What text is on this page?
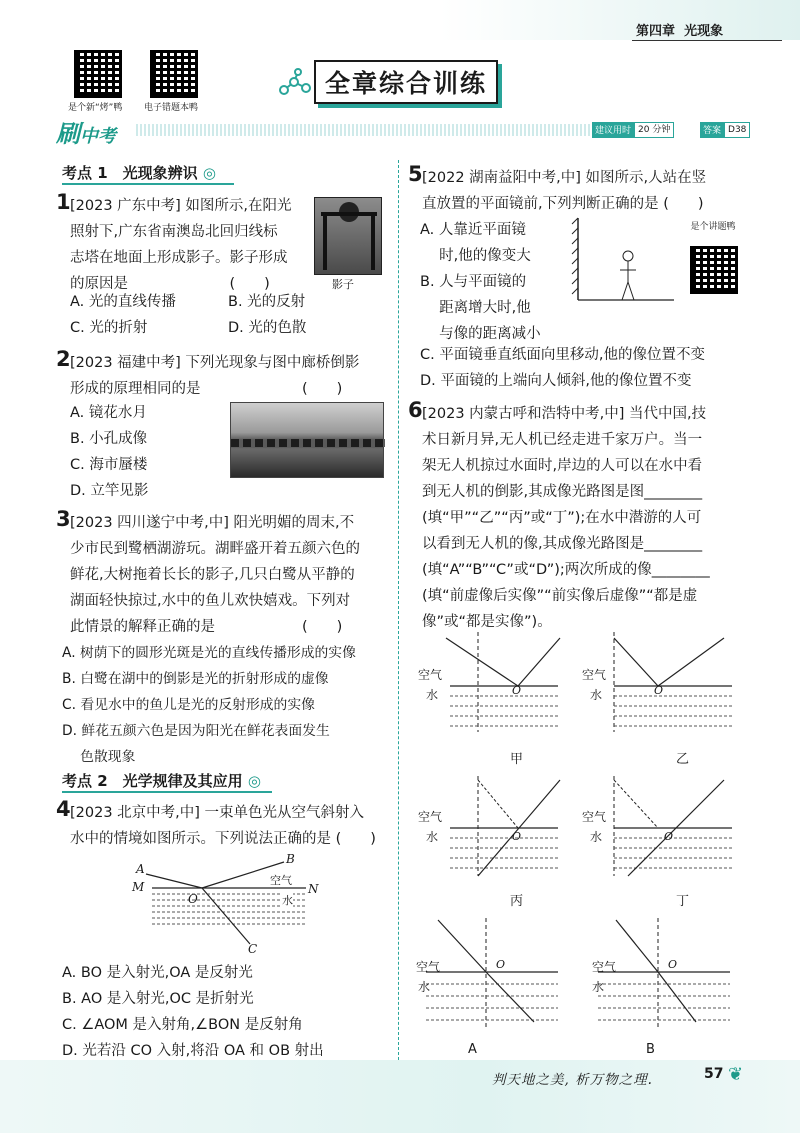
第四章 光现象
是个新“烤”鸭 电子错题本鸭
全章综合训练
刷中考	建议用时 20 分钟	答案 D38
考点 1　光现象辨识 ◎
1 [2023 广东中考] 如图所示,在阳光
照射下,广东省南澳岛北回归线标
志塔在地面上形成影子。影子形成
的原因是　　　　　　　(　　)	影子
A. 光的直线传播	B. 光的反射
C. 光的折射	D. 光的色散
2 [2023 福建中考] 下列光现象与图中廊桥倒影
形成的原理相同的是　　　　　　　(　　)
A. 镜花水月
B. 小孔成像
C. 海市蜃楼
D. 立竿见影
3 [2023 四川遂宁中考,中] 阳光明媚的周末,不
少市民到鹭栖湖游玩。湖畔盛开着五颜六色的
鲜花,大树拖着长长的影子,几只白鹭从平静的
湖面轻快掠过,水中的鱼儿欢快嬉戏。下列对
此情景的解释正确的是　　　　　　(　　)
A. 树荫下的圆形光斑是光的直线传播形成的实像
B. 白鹭在湖中的倒影是光的折射形成的虚像
C. 看见水中的鱼儿是光的反射形成的实像
D. 鲜花五颜六色是因为阳光在鲜花表面发生
　 色散现象
考点 2　光学规律及其应用 ◎
4 [2023 北京中考,中] 一束单色光从空气斜射入
水中的情境如图所示。下列说法正确的是 (　　)
A
B
M	N
O
C
空气
水
A. BO 是入射光,OA 是反射光
B. AO 是入射光,OC 是折射光
C. ∠AOM 是入射角,∠BON 是反射角
D. 光若沿 CO 入射,将沿 OA 和 OB 射出
5 [2022 湖南益阳中考,中] 如图所示,人站在竖
直放置的平面镜前,下列判断正确的是 (　　)
A. 人靠近平面镜
　 时,他的像变大
B. 人与平面镜的
　 距离增大时,他
　 与像的距离减小
是个讲题鸭
C. 平面镜垂直纸面向里移动,他的像位置不变
D. 平面镜的上端向人倾斜,他的像位置不变
6 [2023 内蒙古呼和浩特中考,中] 当代中国,技
术日新月异,无人机已经走进千家万户。当一
架无人机掠过水面时,岸边的人可以在水中看
到无人机的倒影,其成像光路图是图________
(填“甲”“乙”“丙”或“丁”);在水中潜游的人可
以看到无人机的像,其成像光路图是________
(填“A”“B”“C”或“D”);两次所成的像________
(填“前虚像后实像”“前实像后虚像”“都是虚
像”或“都是实像”)。
空气
水	O
甲
空气
水	O
乙
空气
水	O
丙
空气
水	O
丁
空气
水
O
A
空气
水
O
B
判天地之美, 析万物之理.	57 ❦
